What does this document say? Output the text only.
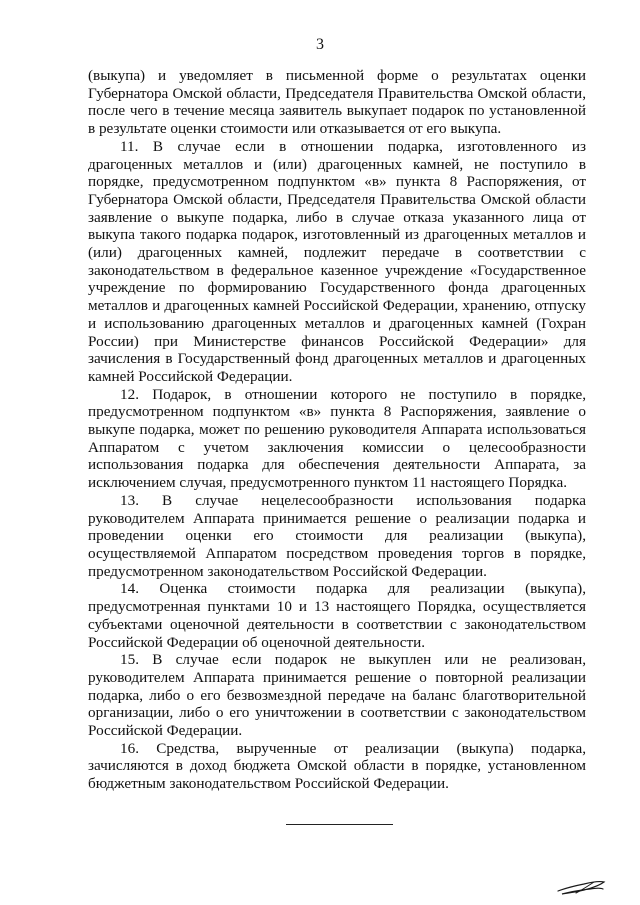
3

(выкупа) и уведомляет в письменной форме о результатах оценки Губернатора Омской области, Председателя Правительства Омской области, после чего в течение месяца заявитель выкупает подарок по установленной в результате оценки стоимости или отказывается от его выкупа.

11. В случае если в отношении подарка, изготовленного из драгоценных металлов и (или) драгоценных камней, не поступило в порядке, предусмотренном подпунктом «в» пункта 8 Распоряжения, от Губернатора Омской области, Председателя Правительства Омской области заявление о выкупе подарка, либо в случае отказа указанного лица от выкупа такого подарка подарок, изготовленный из драгоценных металлов и (или) драгоценных камней, подлежит передаче в соответствии с законодательством в федеральное казенное учреждение «Государственное учреждение по формированию Государственного фонда драгоценных металлов и драгоценных камней Российской Федерации, хранению, отпуску и использованию драгоценных металлов и драгоценных камней (Гохран России) при Министерстве финансов Российской Федерации» для зачисления в Государственный фонд драгоценных металлов и драгоценных камней Российской Федерации.

12. Подарок, в отношении которого не поступило в порядке, предусмотренном подпунктом «в» пункта 8 Распоряжения, заявление о выкупе подарка, может по решению руководителя Аппарата использоваться Аппаратом с учетом заключения комиссии о целесообразности использования подарка для обеспечения деятельности Аппарата, за исключением случая, предусмотренного пунктом 11 настоящего Порядка.

13. В случае нецелесообразности использования подарка руководителем Аппарата принимается решение о реализации подарка и проведении оценки его стоимости для реализации (выкупа), осуществляемой Аппаратом посредством проведения торгов в порядке, предусмотренном законодательством Российской Федерации.

14. Оценка стоимости подарка для реализации (выкупа), предусмотренная пунктами 10 и 13 настоящего Порядка, осуществляется субъектами оценочной деятельности в соответствии с законодательством Российской Федерации об оценочной деятельности.

15. В случае если подарок не выкуплен или не реализован, руководителем Аппарата принимается решение о повторной реализации подарка, либо о его безвозмездной передаче на баланс благотворительной организации, либо о его уничтожении в соответствии с законодательством Российской Федерации.

16. Средства, вырученные от реализации (выкупа) подарка, зачисляются в доход бюджета Омской области в порядке, установленном бюджетным законодательством Российской Федерации.
